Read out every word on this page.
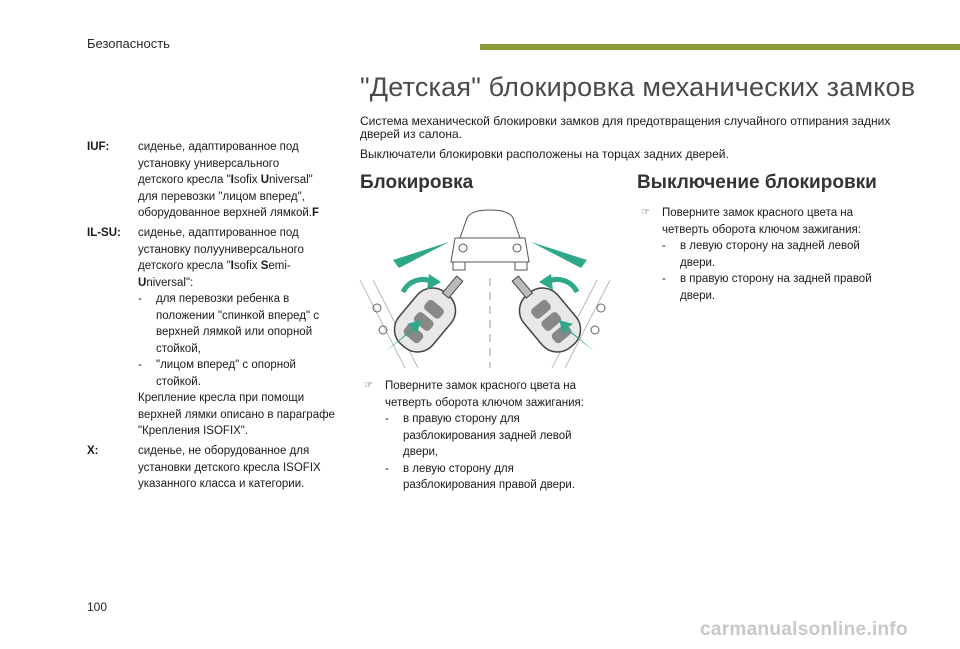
Безопасность
"Детская" блокировка механических замков

Система механической блокировки замков для предотвращения случайного отпирания задних дверей из салона.

Выключатели блокировки расположены на торцах задних дверей.

IUF: сиденье, адаптированное под
установку универсального
детского кресла "Isofix Universal"
для перевозки "лицом вперед",
оборудованное верхней лямкой.F
IL-SU: сиденье, адаптированное под
установку полууниверсального
детского кресла "Isofix Semi-
Universal":
-	для перевозки ребенка в положении "спинкой вперед" с верхней лямкой или опорной стойкой,
-	"лицом вперед" с опорной стойкой.
Крепление кресла при помощи верхней лямки описано в параграфе "Крепления ISOFIX".
X:	сиденье, не оборудованное для установки детского кресла ISOFIX указанного класса и категории.
Блокировка	Выключение блокировки
☞	Поверните замок красного цвета на четверть оборота ключом зажигания:
-	в правую сторону для разблокирования задней левой двери,
-	в левую сторону для разблокирования правой двери.
☞	Поверните замок красного цвета на четверть оборота ключом зажигания:
-	в левую сторону на задней левой двери.
-	в правую сторону на задней правой двери.
100
carmanualsonline.info
